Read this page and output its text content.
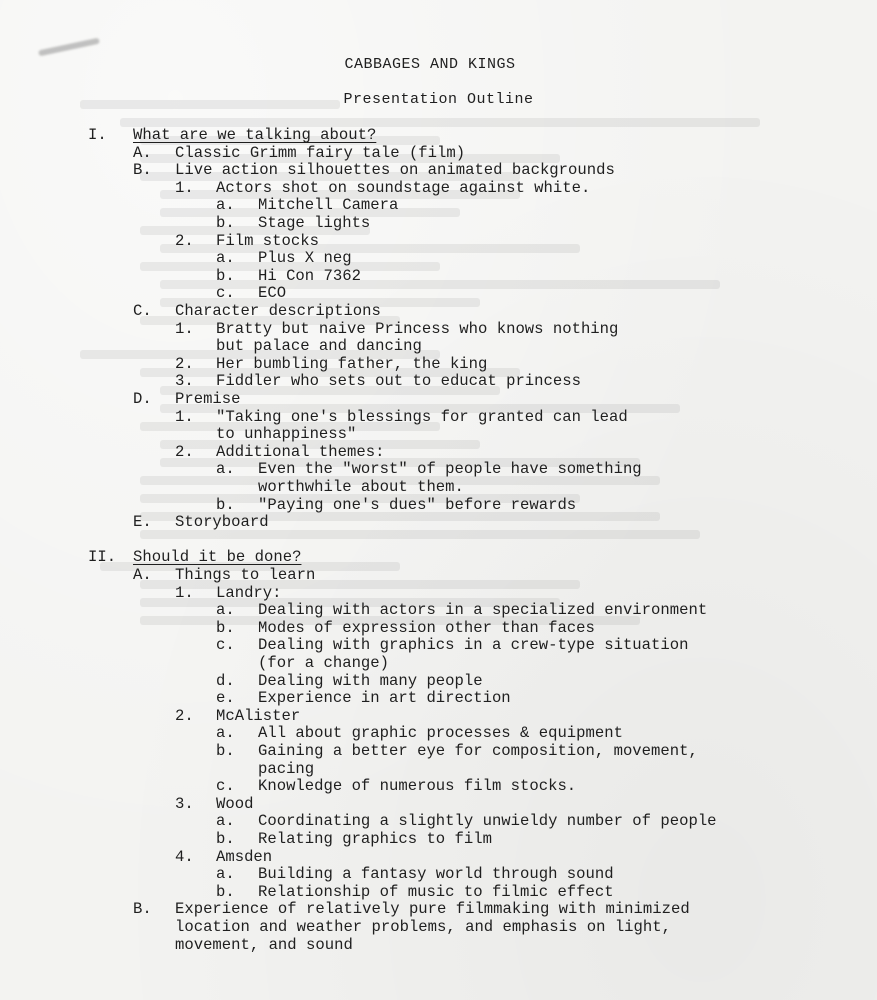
CABBAGES AND KINGS
Presentation Outline
I. What are we talking about?
A. Classic Grimm fairy tale (film)
B. Live action silhouettes on animated backgrounds
1. Actors shot on soundstage against white.
a. Mitchell Camera
b. Stage lights
2. Film stocks
a. Plus X neg
b. Hi Con 7362
c. ECO
C. Character descriptions
1. Bratty but naive Princess who knows nothing
but palace and dancing
2. Her bumbling father, the king
3. Fiddler who sets out to educat princess
D. Premise
1. "Taking one's blessings for granted can lead
to unhappiness"
2. Additional themes:
a. Even the "worst" of people have something
worthwhile about them.
b. "Paying one's dues" before rewards
E. Storyboard
II. Should it be done?
A. Things to learn
1. Landry:
a. Dealing with actors in a specialized environment
b. Modes of expression other than faces
c. Dealing with graphics in a crew-type situation
(for a change)
d. Dealing with many people
e. Experience in art direction
2. McAlister
a. All about graphic processes & equipment
b. Gaining a better eye for composition, movement,
pacing
c. Knowledge of numerous film stocks.
3. Wood
a. Coordinating a slightly unwieldy number of people
b. Relating graphics to film
4. Amsden
a. Building a fantasy world through sound
b. Relationship of music to filmic effect
B. Experience of relatively pure filmmaking with minimized
location and weather problems, and emphasis on light,
movement, and sound
